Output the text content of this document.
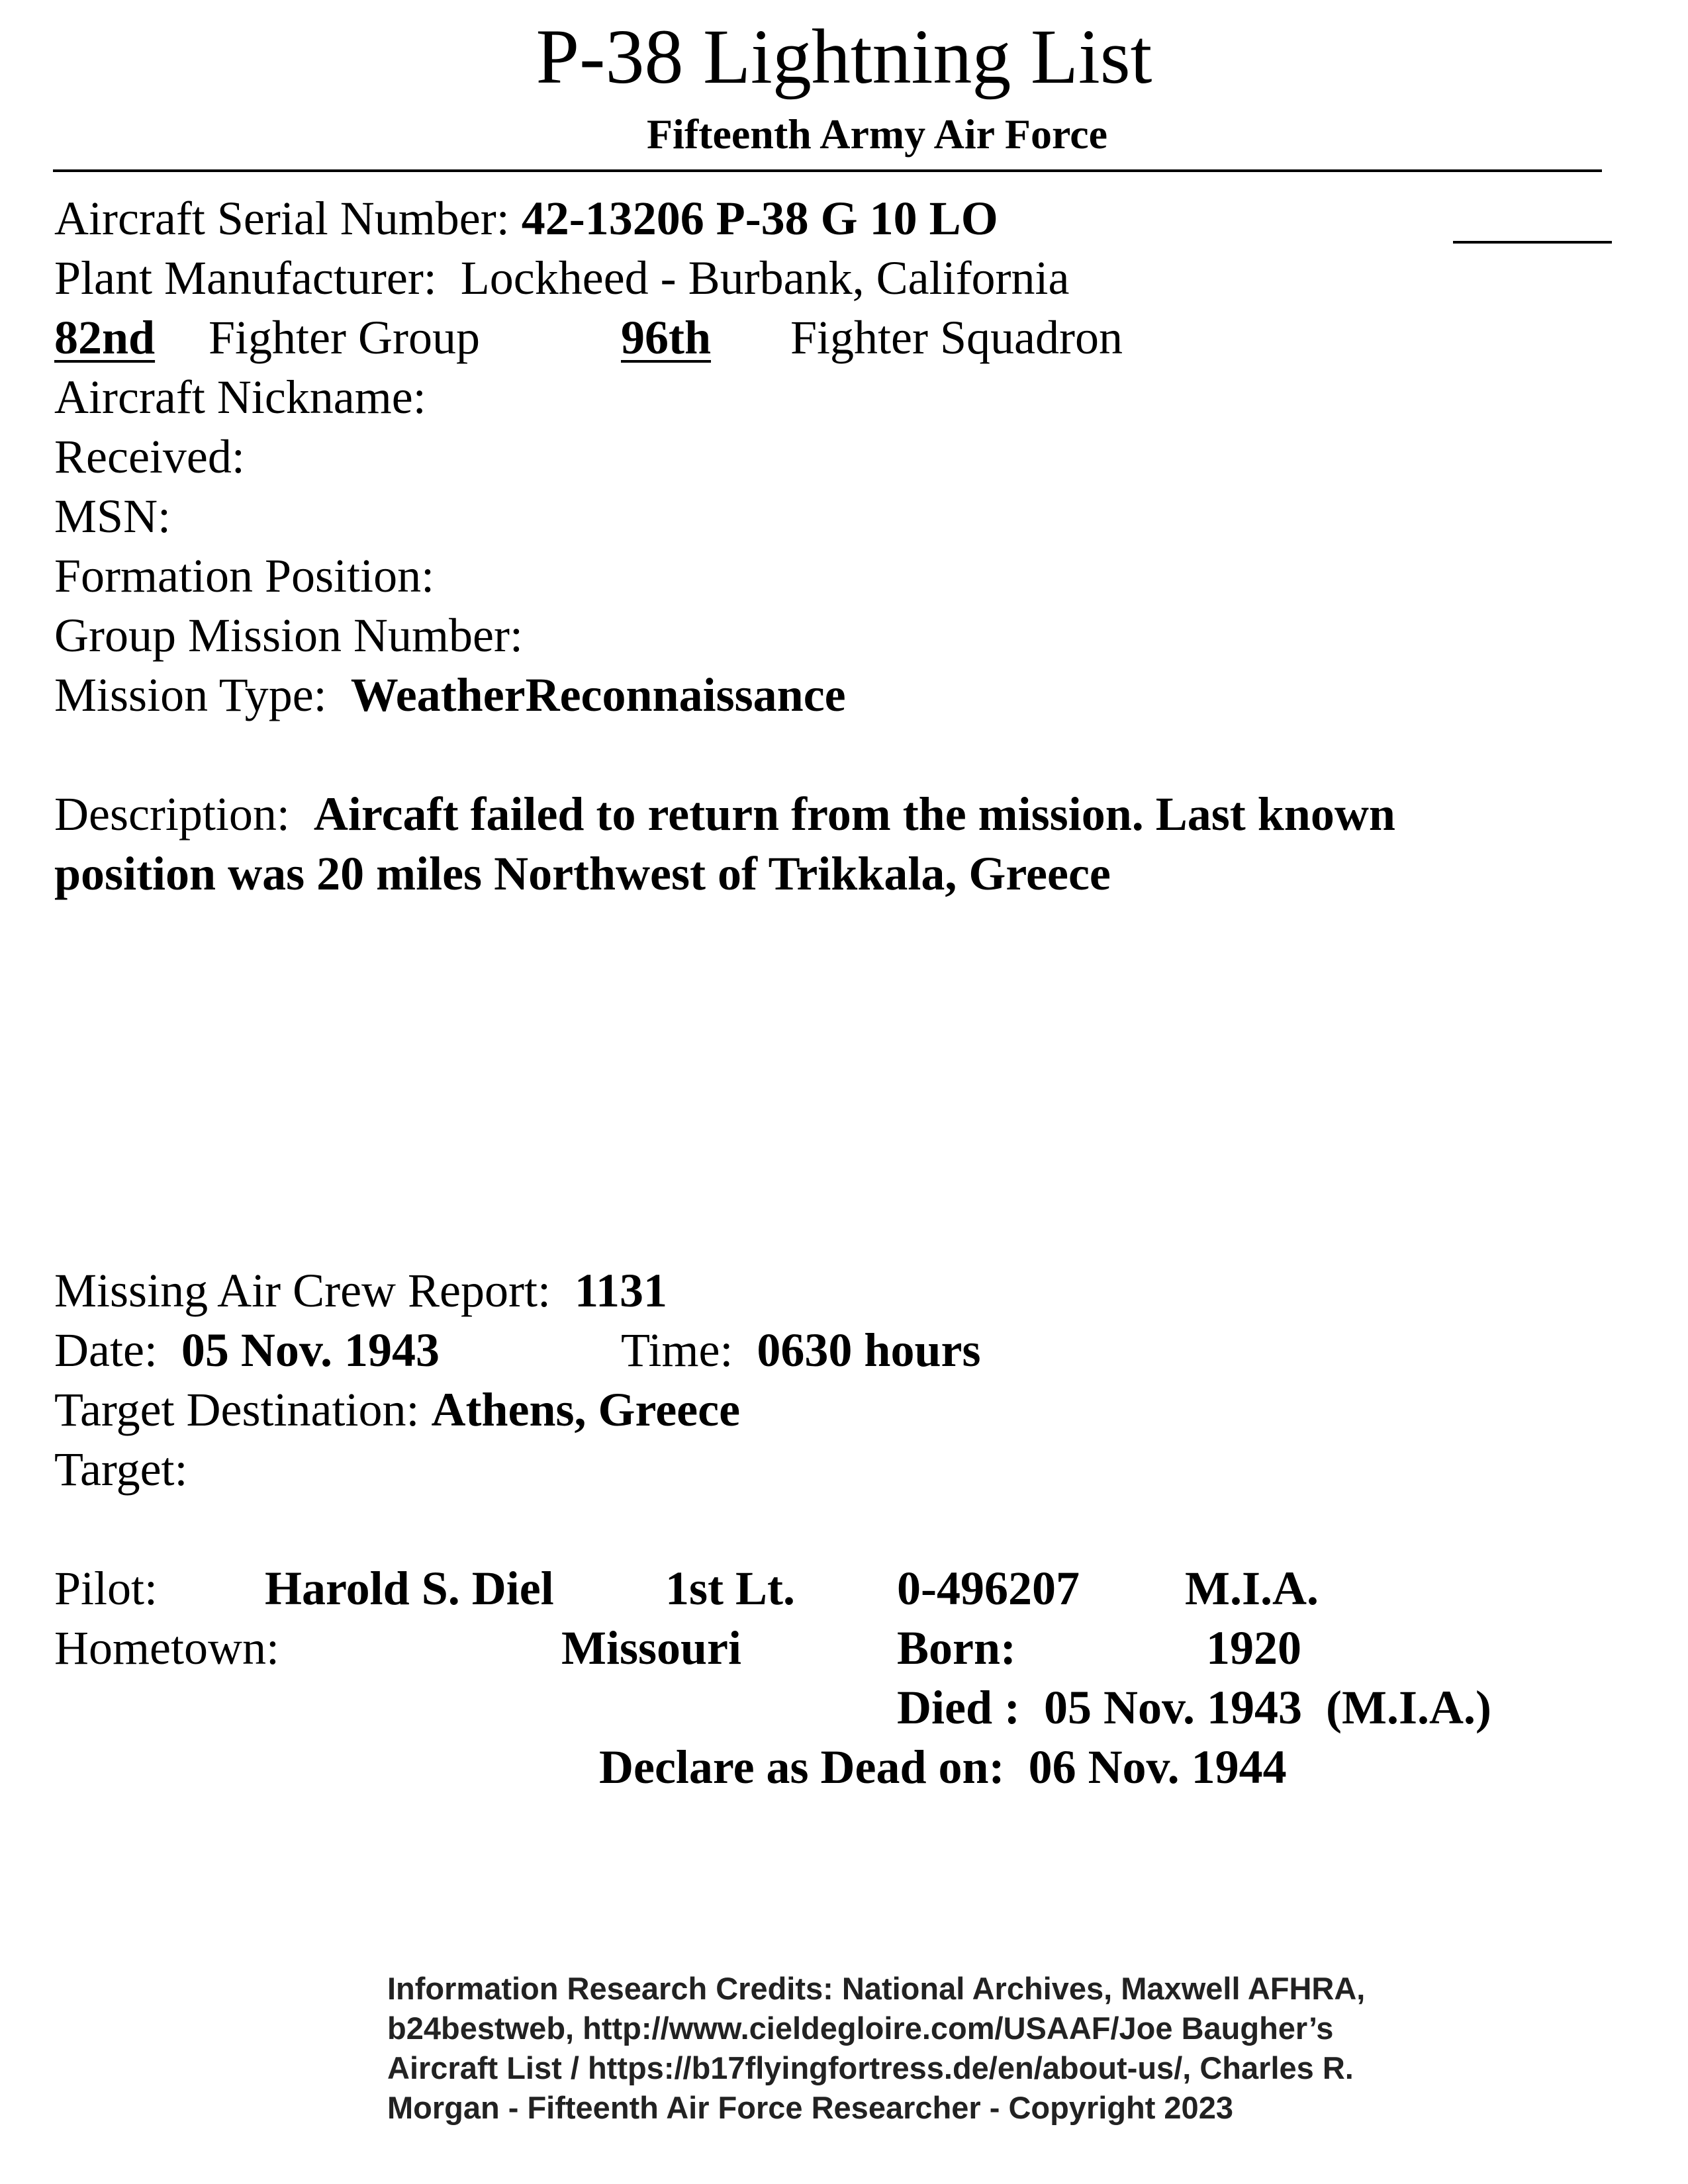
P-38 Lightning List
Fifteenth Army Air Force
Aircraft Serial Number: 42-13206 P-38 G 10 LO
Plant Manufacturer: Lockheed - Burbank, California
82nd Fighter Group	96th Fighter Squadron
Aircraft Nickname:
Received:
MSN:
Formation Position:
Group Mission Number:
Mission Type: WeatherReconnaissance
Description: Aircaft failed to return from the mission. Last known position was 20 miles Northwest of Trikkala, Greece
Missing Air Crew Report: 1131
Date: 05 Nov. 1943	Time: 0630 hours
Target Destination: Athens, Greece
Target:
Pilot: Harold S. Diel 1st Lt. 0-496207 M.I.A.
Hometown:	Missouri	Born:	1920
Died : 05 Nov. 1943  (M.I.A.)
Declare as Dead on: 06 Nov. 1944
Information Research Credits: National Archives, Maxwell AFHRA,
b24bestweb, http://www.cieldegloire.com/USAAF/Joe Baugher’s
Aircraft List / https://b17flyingfortress.de/en/about-us/, Charles R.
Morgan - Fifteenth Air Force Researcher - Copyright 2023
